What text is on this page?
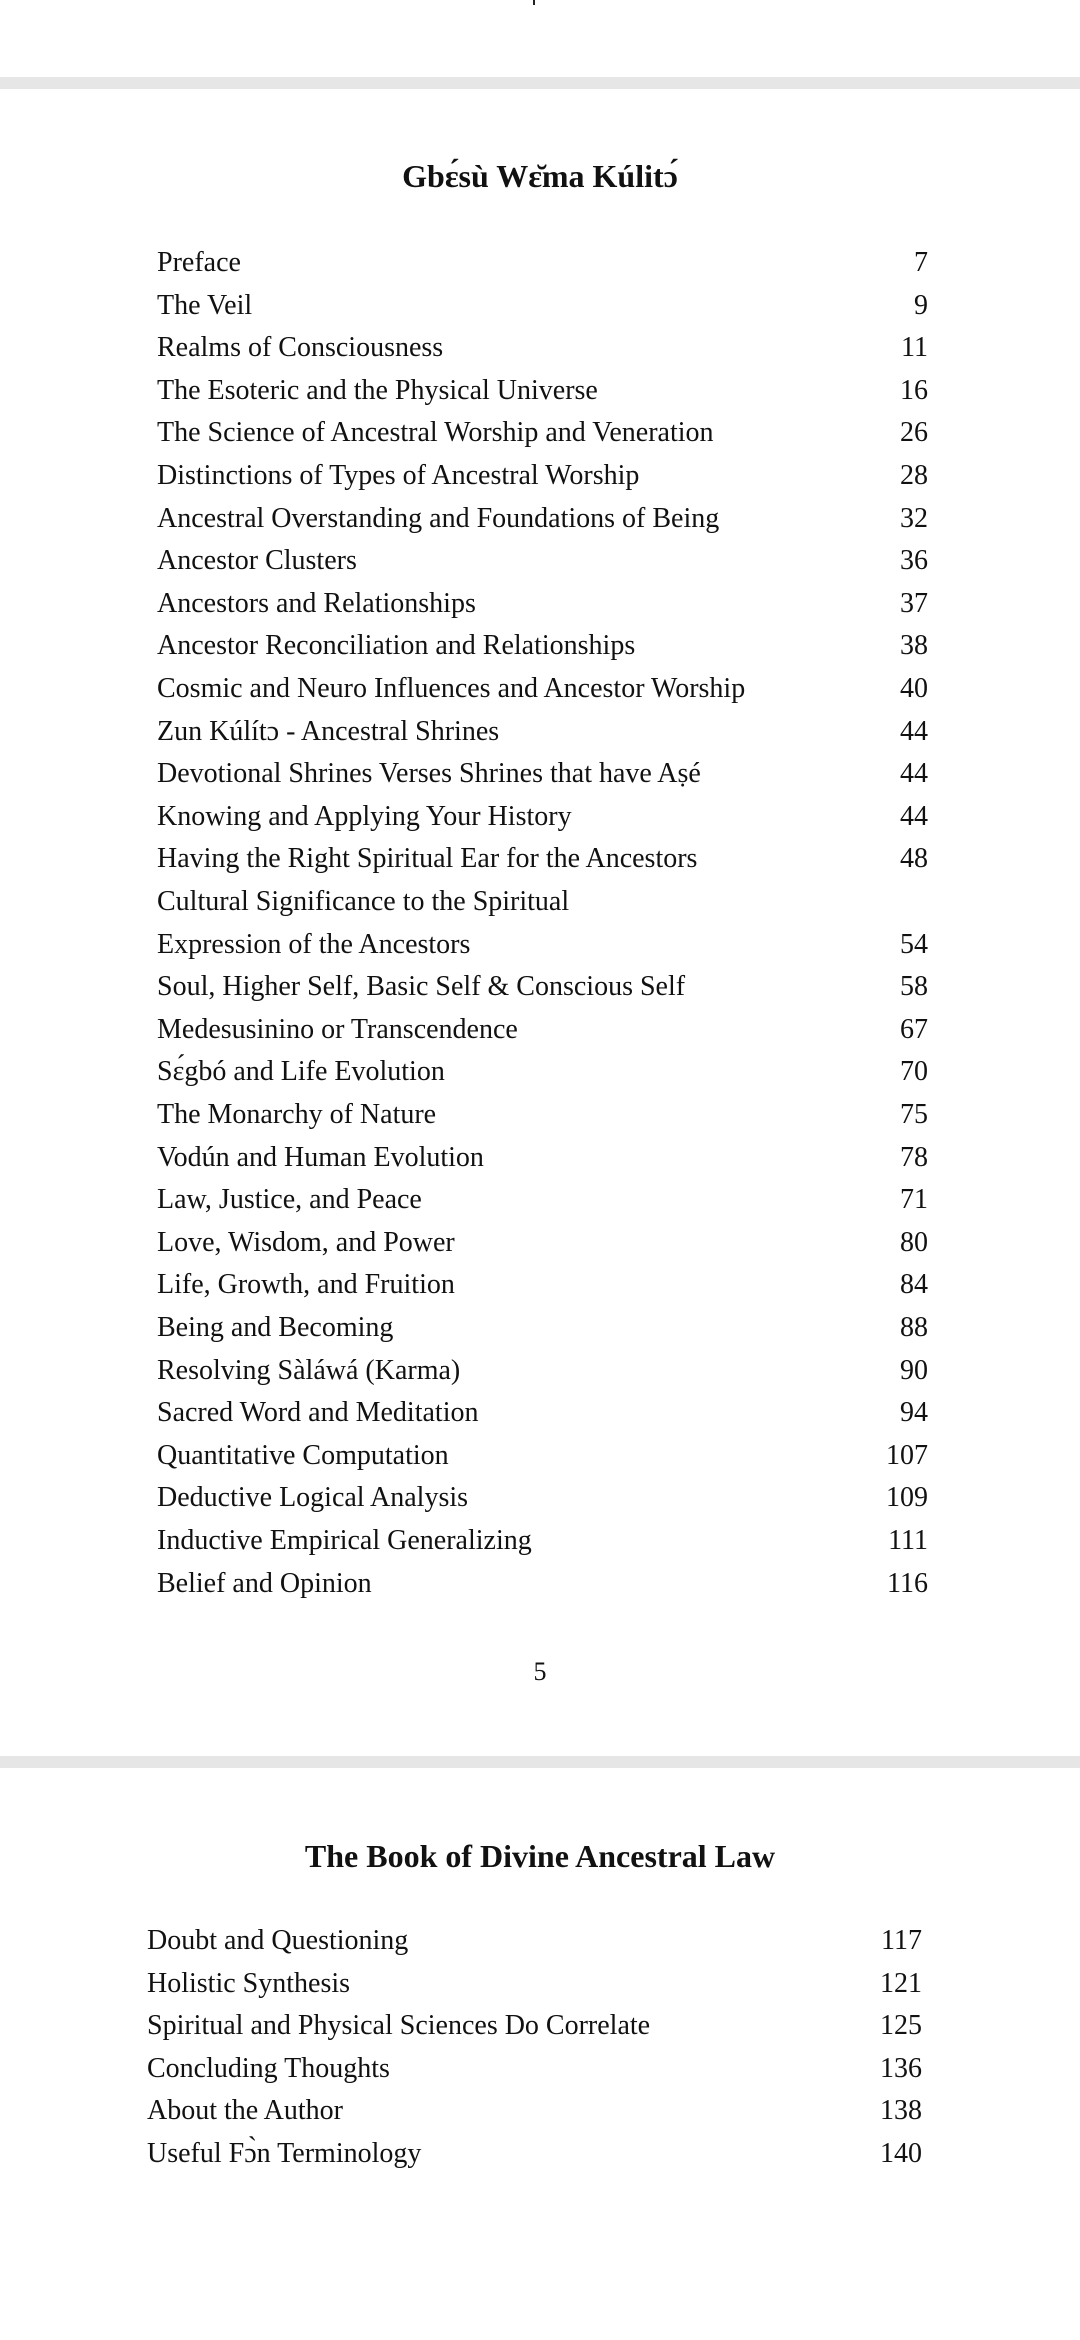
Gbɛ́sù Wɛ̆ma Kúlitɔ́
Preface	7
The Veil	9
Realms of Consciousness	11
The Esoteric and the Physical Universe	16
The Science of Ancestral Worship and Veneration	26
Distinctions of Types of Ancestral Worship	28
Ancestral Overstanding and Foundations of Being	32
Ancestor Clusters	36
Ancestors and Relationships	37
Ancestor Reconciliation and Relationships	38
Cosmic and Neuro Influences and Ancestor Worship	40
Zun Kúlítɔ - Ancestral Shrines	44
Devotional Shrines Verses Shrines that have Aṣé	44
Knowing and Applying Your History	44
Having the Right Spiritual Ear for the Ancestors	48
Cultural Significance to the Spiritual
Expression of the Ancestors	54
Soul, Higher Self, Basic Self & Conscious Self	58
Medesusinino or Transcendence	67
Sɛ́gbó and Life Evolution	70
The Monarchy of Nature	75
Vodún and Human Evolution	78
Law, Justice, and Peace	71
Love, Wisdom, and Power	80
Life, Growth, and Fruition	84
Being and Becoming	88
Resolving Sàláwá (Karma)	90
Sacred Word and Meditation	94
Quantitative Computation	107
Deductive Logical Analysis	109
Inductive Empirical Generalizing	111
Belief and Opinion	116
5
The Book of Divine Ancestral Law
Doubt and Questioning	117
Holistic Synthesis	121
Spiritual and Physical Sciences Do Correlate	125
Concluding Thoughts	136
About the Author	138
Useful Fɔ̀n Terminology	140
